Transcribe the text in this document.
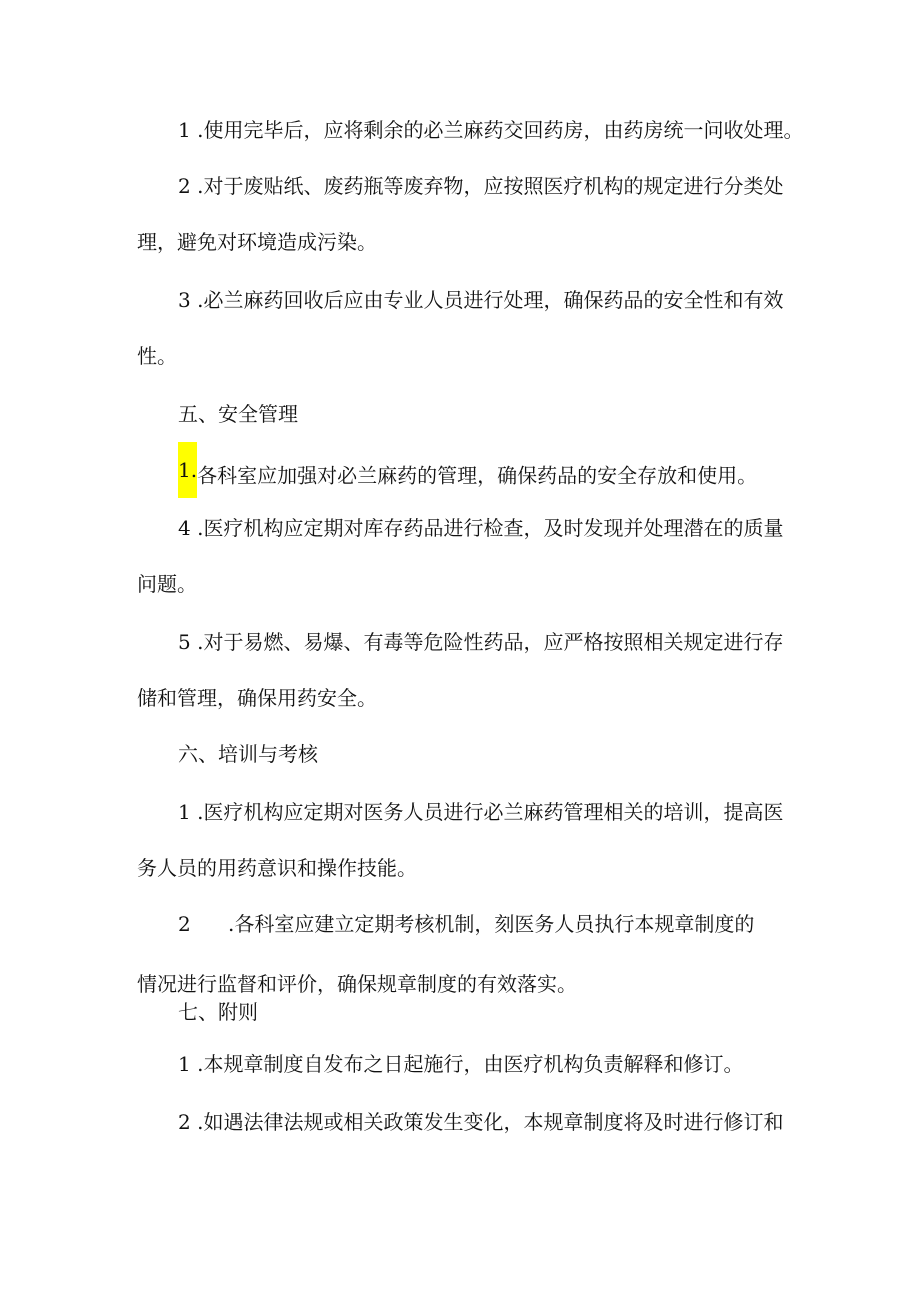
1 .使用完毕后，应将剩余的必兰麻药交回药房，由药房统一问收处理。
2 .对于废贴纸、废药瓶等废弃物，应按照医疗机构的规定进行分类处
理，避免对环境造成污染。
3 .必兰麻药回收后应由专业人员进行处理，确保药品的安全性和有效
性。
五、安全管理
1.各科室应加强对必兰麻药的管理，确保药品的安全存放和使用。
4 .医疗机构应定期对库存药品进行检查，及时发现并处理潜在的质量
问题。
5 .对于易燃、易爆、有毒等危险性药品，应严格按照相关规定进行存
储和管理，确保用药安全。
六、培训与考核
1 .医疗机构应定期对医务人员进行必兰麻药管理相关的培训，提高医
务人员的用药意识和操作技能。
2 .各科室应建立定期考核机制，刻医务人员执行本规章制度的
情况进行监督和评价，确保规章制度的有效落实。
七、附则
1 .本规章制度自发布之日起施行，由医疗机构负责解释和修订。
2 .如遇法律法规或相关政策发生变化，本规章制度将及时进行修订和
